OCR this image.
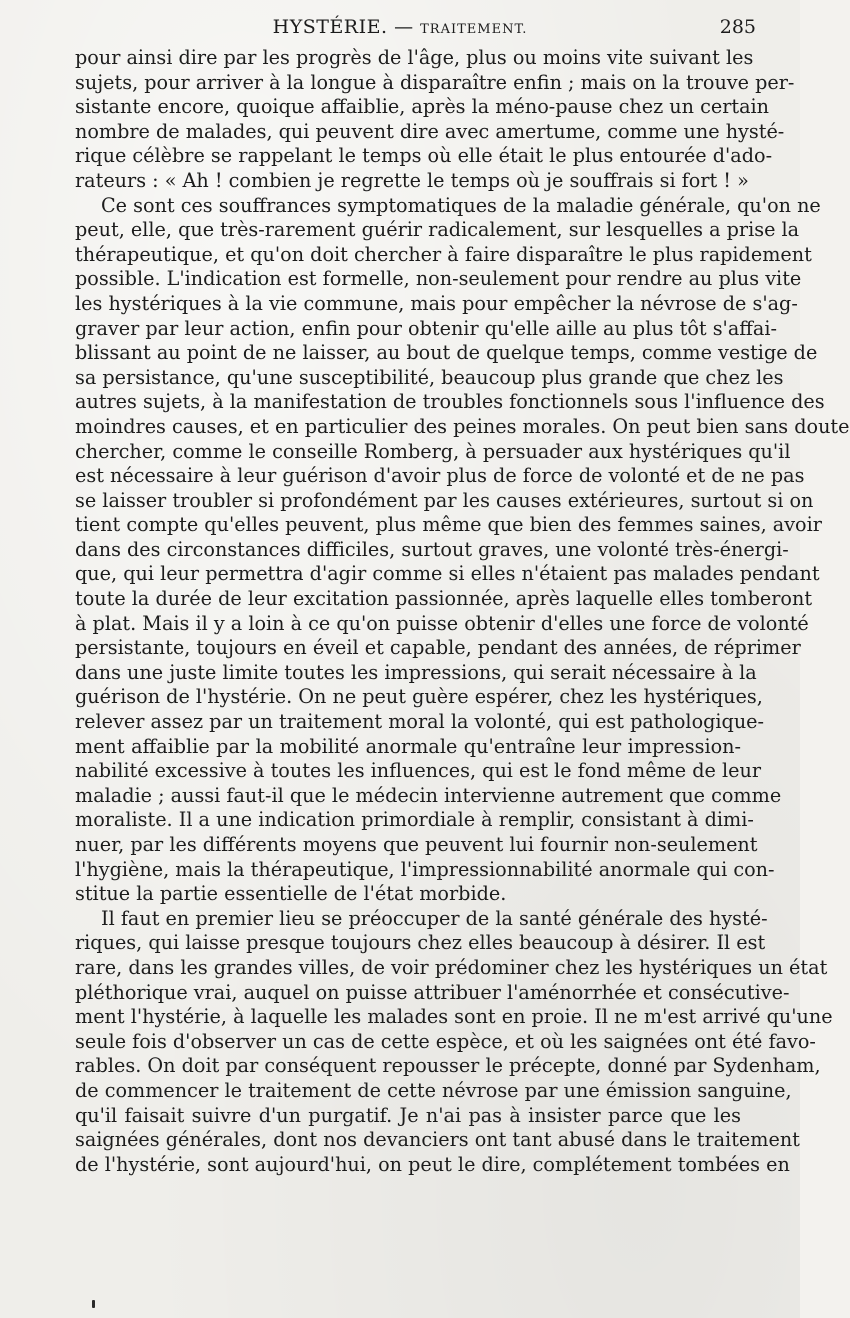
HYSTÉRIE. — TRAITEMENT.	285
pour ainsi dire par les progrès de l'âge, plus ou moins vite suivant les
sujets, pour arriver à la longue à disparaître enfin ; mais on la trouve per-
sistante encore, quoique affaiblie, après la méno-pause chez un certain
nombre de malades, qui peuvent dire avec amertume, comme une hysté-
rique célèbre se rappelant le temps où elle était le plus entourée d'ado-
rateurs : « Ah ! combien je regrette le temps où je souffrais si fort ! »
Ce sont ces souffrances symptomatiques de la maladie générale, qu'on ne
peut, elle, que très-rarement guérir radicalement, sur lesquelles a prise la
thérapeutique, et qu'on doit chercher à faire disparaître le plus rapidement
possible. L'indication est formelle, non-seulement pour rendre au plus vite
les hystériques à la vie commune, mais pour empêcher la névrose de s'ag-
graver par leur action, enfin pour obtenir qu'elle aille au plus tôt s'affai-
blissant au point de ne laisser, au bout de quelque temps, comme vestige de
sa persistance, qu'une susceptibilité, beaucoup plus grande que chez les
autres sujets, à la manifestation de troubles fonctionnels sous l'influence des
moindres causes, et en particulier des peines morales. On peut bien sans doute
chercher, comme le conseille Romberg, à persuader aux hystériques qu'il
est nécessaire à leur guérison d'avoir plus de force de volonté et de ne pas
se laisser troubler si profondément par les causes extérieures, surtout si on
tient compte qu'elles peuvent, plus même que bien des femmes saines, avoir
dans des circonstances difficiles, surtout graves, une volonté très-énergi-
que, qui leur permettra d'agir comme si elles n'étaient pas malades pendant
toute la durée de leur excitation passionnée, après laquelle elles tomberont
à plat. Mais il y a loin à ce qu'on puisse obtenir d'elles une force de volonté
persistante, toujours en éveil et capable, pendant des années, de réprimer
dans une juste limite toutes les impressions, qui serait nécessaire à la
guérison de l'hystérie. On ne peut guère espérer, chez les hystériques,
relever assez par un traitement moral la volonté, qui est pathologique-
ment affaiblie par la mobilité anormale qu'entraîne leur impression-
nabilité excessive à toutes les influences, qui est le fond même de leur
maladie ; aussi faut-il que le médecin intervienne autrement que comme
moraliste. Il a une indication primordiale à remplir, consistant à dimi-
nuer, par les différents moyens que peuvent lui fournir non-seulement
l'hygiène, mais la thérapeutique, l'impressionnabilité anormale qui con-
stitue la partie essentielle de l'état morbide.
Il faut en premier lieu se préoccuper de la santé générale des hysté-
riques, qui laisse presque toujours chez elles beaucoup à désirer. Il est
rare, dans les grandes villes, de voir prédominer chez les hystériques un état
pléthorique vrai, auquel on puisse attribuer l'aménorrhée et consécutive-
ment l'hystérie, à laquelle les malades sont en proie. Il ne m'est arrivé qu'une
seule fois d'observer un cas de cette espèce, et où les saignées ont été favo-
rables. On doit par conséquent repousser le précepte, donné par Sydenham,
de commencer le traitement de cette névrose par une émission sanguine,
qu'il faisait suivre d'un purgatif. Je n'ai pas à insister parce que les
saignées générales, dont nos devanciers ont tant abusé dans le traitement
de l'hystérie, sont aujourd'hui, on peut le dire, complétement tombées en
